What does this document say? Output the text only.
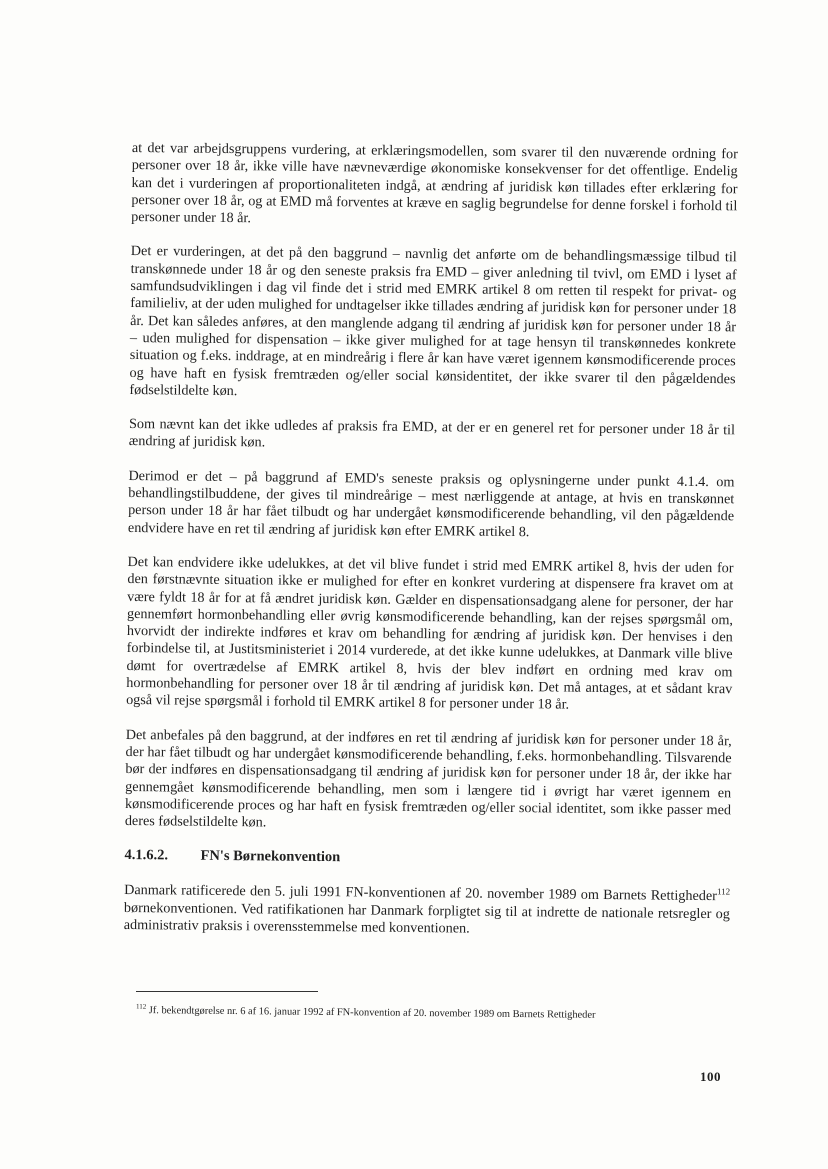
at det var arbejdsgruppens vurdering, at erklæringsmodellen, som svarer til den nuværende ordning for personer over 18 år, ikke ville have nævneværdige økonomiske konsekvenser for det offentlige. Endelig kan det i vurderingen af proportionaliteten indgå, at ændring af juridisk køn tillades efter erklæring for personer over 18 år, og at EMD må forventes at kræve en saglig begrundelse for denne forskel i forhold til personer under 18 år.

Det er vurderingen, at det på den baggrund – navnlig det anførte om de behandlingsmæssige tilbud til transkønnede under 18 år og den seneste praksis fra EMD – giver anledning til tvivl, om EMD i lyset af samfundsudviklingen i dag vil finde det i strid med EMRK artikel 8 om retten til respekt for privat- og familieliv, at der uden mulighed for undtagelser ikke tillades ændring af juridisk køn for personer under 18 år. Det kan således anføres, at den manglende adgang til ændring af juridisk køn for personer under 18 år – uden mulighed for dispensation – ikke giver mulighed for at tage hensyn til transkønnedes konkrete situation og f.eks. inddrage, at en mindreårig i flere år kan have været igennem kønsmodificerende proces og have haft en fysisk fremtræden og/eller social kønsidentitet, der ikke svarer til den pågældendes fødselstildelte køn.

Som nævnt kan det ikke udledes af praksis fra EMD, at der er en generel ret for personer under 18 år til ændring af juridisk køn.

Derimod er det – på baggrund af EMD's seneste praksis og oplysningerne under punkt 4.1.4. om behandlingstilbuddene, der gives til mindreårige – mest nærliggende at antage, at hvis en transkønnet person under 18 år har fået tilbudt og har undergået kønsmodificerende behandling, vil den pågældende endvidere have en ret til ændring af juridisk køn efter EMRK artikel 8.

Det kan endvidere ikke udelukkes, at det vil blive fundet i strid med EMRK artikel 8, hvis der uden for den førstnævnte situation ikke er mulighed for efter en konkret vurdering at dispensere fra kravet om at være fyldt 18 år for at få ændret juridisk køn. Gælder en dispensationsadgang alene for personer, der har gennemført hormonbehandling eller øvrig kønsmodificerende behandling, kan der rejses spørgsmål om, hvorvidt der indirekte indføres et krav om behandling for ændring af juridisk køn. Der henvises i den forbindelse til, at Justitsministeriet i 2014 vurderede, at det ikke kunne udelukkes, at Danmark ville blive dømt for overtrædelse af EMRK artikel 8, hvis der blev indført en ordning med krav om hormonbehandling for personer over 18 år til ændring af juridisk køn. Det må antages, at et sådant krav også vil rejse spørgsmål i forhold til EMRK artikel 8 for personer under 18 år.

Det anbefales på den baggrund, at der indføres en ret til ændring af juridisk køn for personer under 18 år, der har fået tilbudt og har undergået kønsmodificerende behandling, f.eks. hormonbehandling. Tilsvarende bør der indføres en dispensationsadgang til ændring af juridisk køn for personer under 18 år, der ikke har gennemgået kønsmodificerende behandling, men som i længere tid i øvrigt har været igennem en kønsmodificerende proces og har haft en fysisk fremtræden og/eller social identitet, som ikke passer med deres fødselstildelte køn.

4.1.6.2.	FN's Børnekonvention

Danmark ratificerede den 5. juli 1991 FN-konventionen af 20. november 1989 om Barnets Rettigheder$^{112}$ børnekonventionen. Ved ratifikationen har Danmark forpligtet sig til at indrette de nationale retsregler og administrativ praksis i overensstemmelse med konventionen.

$^{112}$ Jf. bekendtgørelse nr. 6 af 16. januar 1992 af FN-konvention af 20. november 1989 om Barnets Rettigheder
100
